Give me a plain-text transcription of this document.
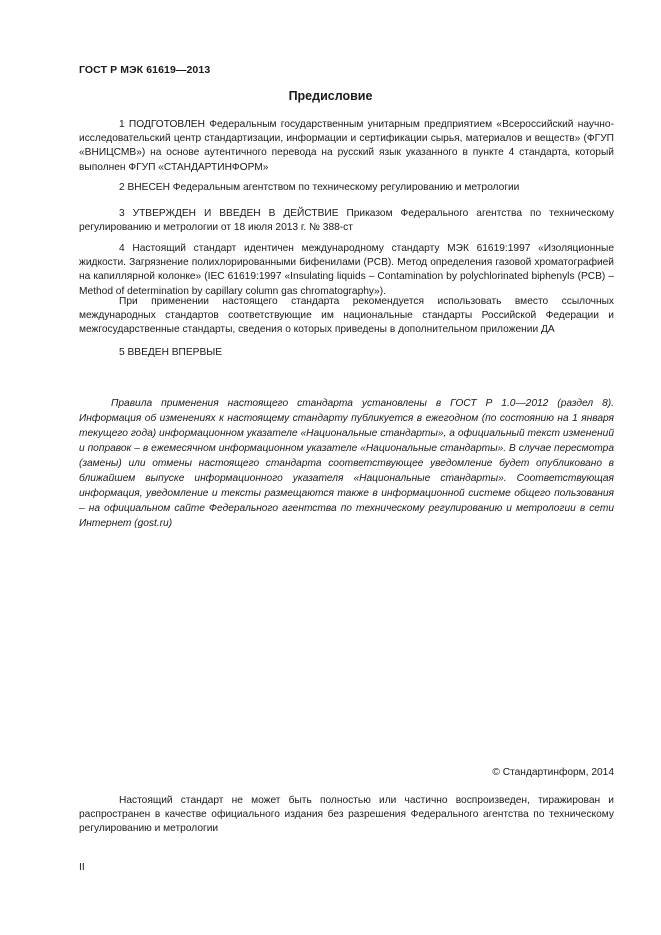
ГОСТ Р МЭК 61619—2013
Предисловие

1 ПОДГОТОВЛЕН Федеральным государственным унитарным предприятием «Всероссийский научно-исследовательский центр стандартизации, информации и сертификации сырья, материалов и веществ» (ФГУП «ВНИЦСМВ») на основе аутентичного перевода на русский язык указанного в пункте 4 стандарта, который выполнен ФГУП «СТАНДАРТИНФОРМ»

2 ВНЕСЕН Федеральным агентством по техническому регулированию и метрологии

3 УТВЕРЖДЕН И ВВЕДЕН В ДЕЙСТВИЕ Приказом Федерального агентства по техническому регулированию и метрологии от 18 июля 2013 г. № 388-ст

4 Настоящий стандарт идентичен международному стандарту МЭК 61619:1997 «Изоляционные жидкости. Загрязнение полихлорированными бифенилами (PCB). Метод определения газовой хроматографией на капиллярной колонке» (IEC 61619:1997 «Insulating liquids – Contamination by polychlorinated biphenyls (PCB) – Method of determination by capillary column gas chromatography»).

При применении настоящего стандарта рекомендуется использовать вместо ссылочных международных стандартов соответствующие им национальные стандарты Российской Федерации и межгосударственные стандарты, сведения о которых приведены в дополнительном приложении ДА

5 ВВЕДЕН ВПЕРВЫЕ

Правила применения настоящего стандарта установлены в ГОСТ Р 1.0—2012 (раздел 8). Информация об изменениях к настоящему стандарту публикуется в ежегодном (по состоянию на 1 января текущего года) информационном указателе «Национальные стандарты», а официальный текст изменений и поправок – в ежемесячном информационном указателе «Национальные стандарты». В случае пересмотра (замены) или отмены настоящего стандарта соответствующее уведомление будет опубликовано в ближайшем выпуске информационного указателя «Национальные стандарты». Соответствующая информация, уведомление и тексты размещаются также в информационной системе общего пользования – на официальном сайте Федерального агентства по техническому регулированию и метрологии в сети Интернет (gost.ru)

© Стандартинформ, 2014

Настоящий стандарт не может быть полностью или частично воспроизведен, тиражирован и распространен в качестве официального издания без разрешения Федерального агентства по техническому регулированию и метрологии

II
